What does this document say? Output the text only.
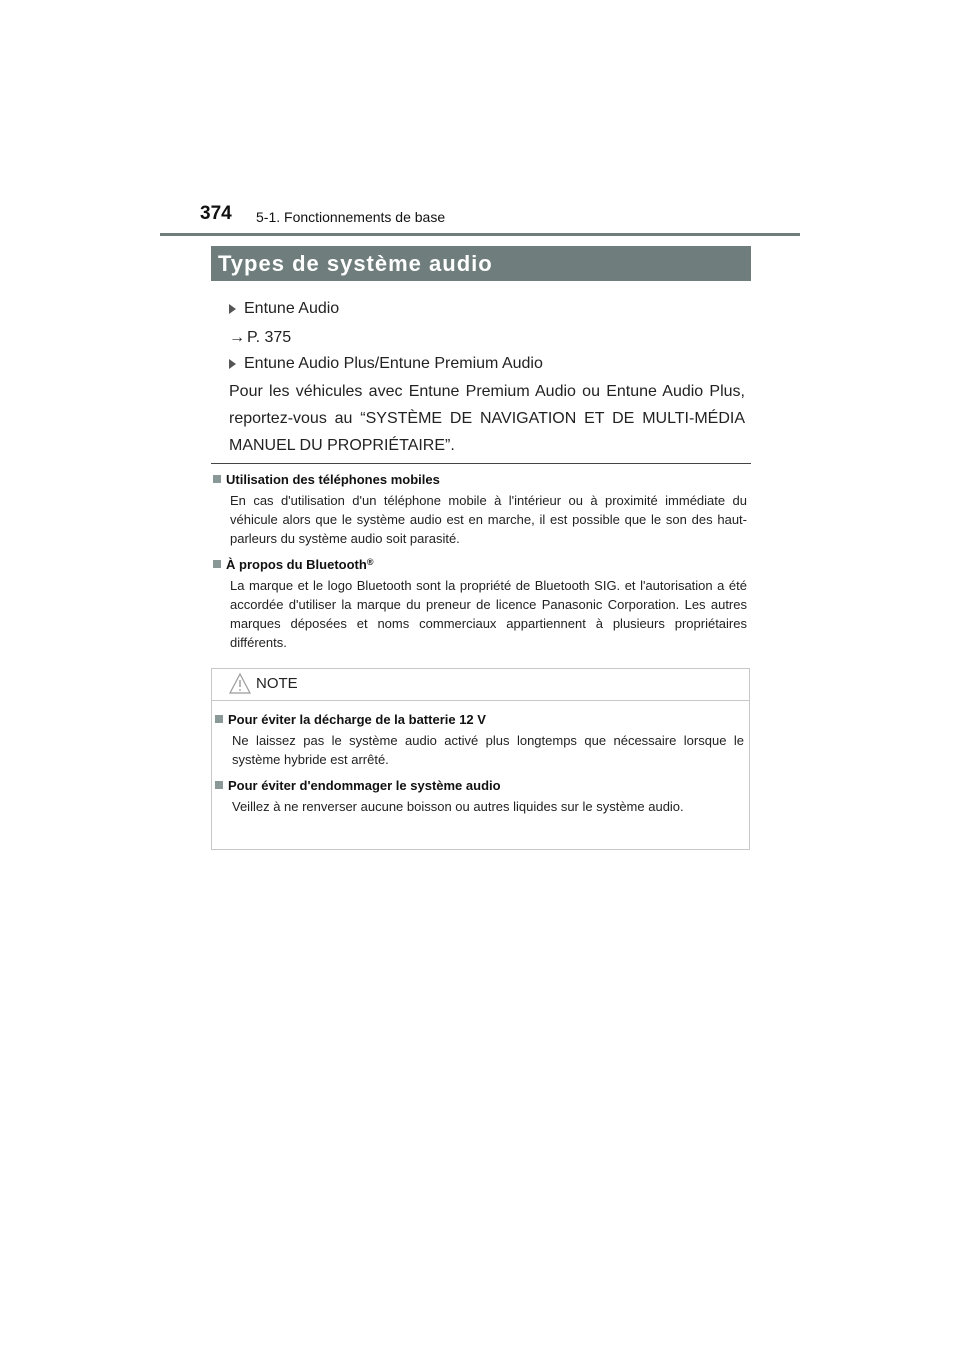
374 5-1. Fonctionnements de base
Types de système audio
Entune Audio
→ P. 375
Entune Audio Plus/Entune Premium Audio
Pour les véhicules avec Entune Premium Audio ou Entune Audio Plus, reportez-vous au “SYSTÈME DE NAVIGATION ET DE MULTI-MÉDIA MANUEL DU PROPRIÉTAIRE”.
Utilisation des téléphones mobiles
En cas d'utilisation d'un téléphone mobile à l'intérieur ou à proximité immédiate du véhicule alors que le système audio est en marche, il est possible que le son des haut-parleurs du système audio soit parasité.
À propos du Bluetooth ®
La marque et le logo Bluetooth sont la propriété de Bluetooth SIG. et l'autorisation a été accordée d'utiliser la marque du preneur de licence Panasonic Corporation. Les autres marques déposées et noms commerciaux appartiennent à plusieurs propriétaires différents.
NOTE
Pour éviter la décharge de la batterie 12 V
Ne laissez pas le système audio activé plus longtemps que nécessaire lorsque le système hybride est arrêté.
Pour éviter d'endommager le système audio
Veillez à ne renverser aucune boisson ou autres liquides sur le système audio.
